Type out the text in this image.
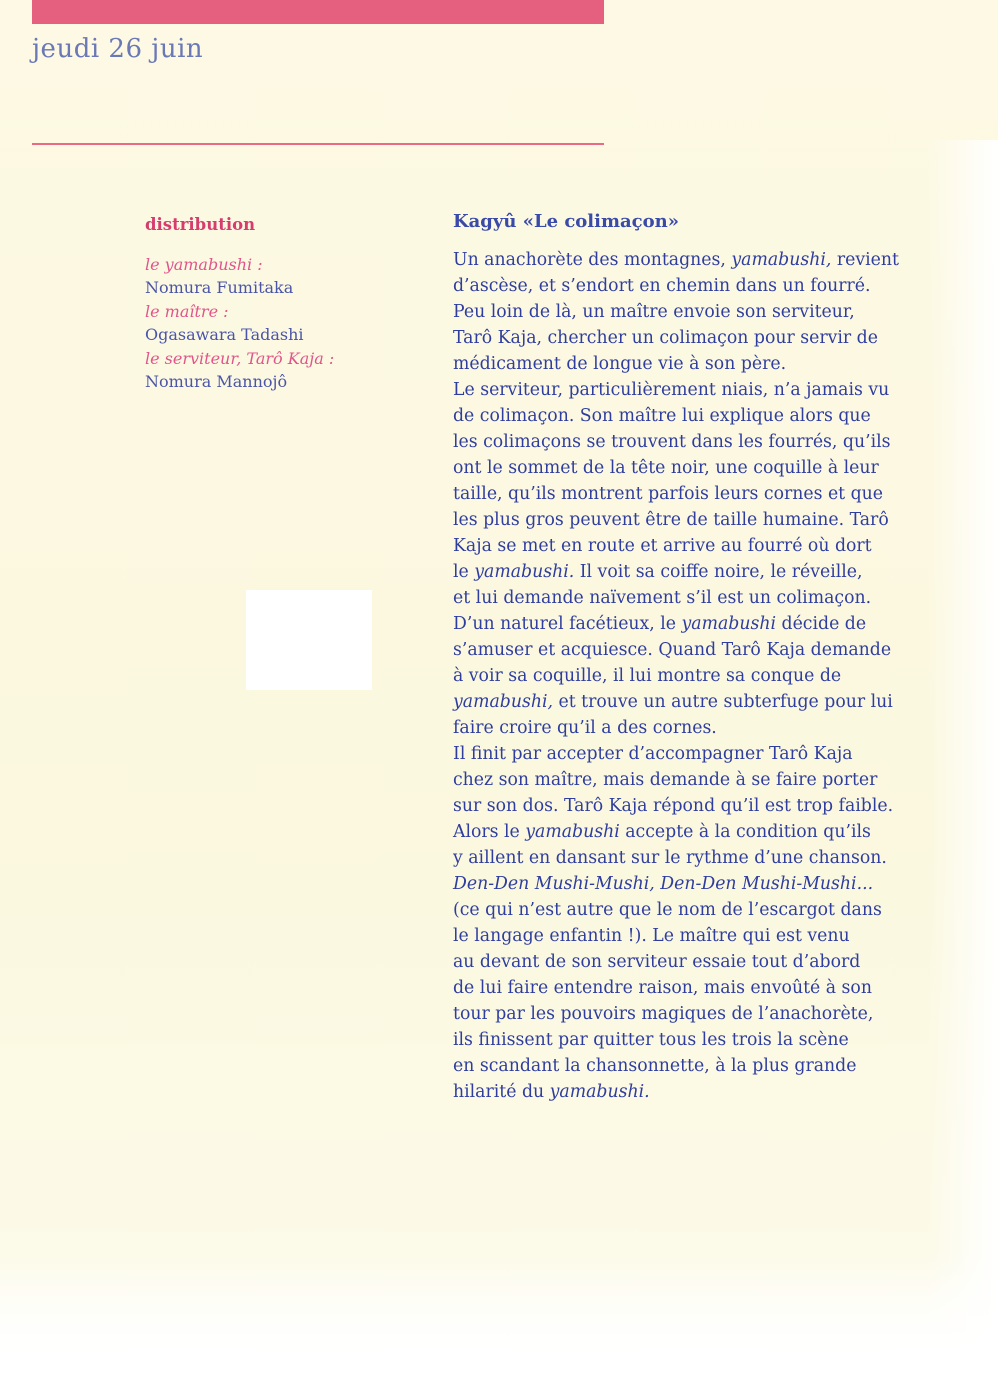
jeudi 26 juin
distribution
le yamabushi :
Nomura Fumitaka
le maître :
Ogasawara Tadashi
le serviteur, Tarô Kaja :
Nomura Mannojô
Kagyû «Le colimaçon»

Un anachorète des montagnes, yamabushi, revient

d’ascèse, et s’endort en chemin dans un fourré.

Peu loin de là, un maître envoie son serviteur,

Tarô Kaja, chercher un colimaçon pour servir de

médicament de longue vie à son père.

Le serviteur, particulièrement niais, n’a jamais vu

de colimaçon. Son maître lui explique alors que

les colimaçons se trouvent dans les fourrés, qu’ils

ont le sommet de la tête noir, une coquille à leur

taille, qu’ils montrent parfois leurs cornes et que

les plus gros peuvent être de taille humaine. Tarô

Kaja se met en route et arrive au fourré où dort

le yamabushi. Il voit sa coiffe noire, le réveille,

et lui demande naïvement s’il est un colimaçon.

D’un naturel facétieux, le yamabushi décide de

s’amuser et acquiesce. Quand Tarô Kaja demande

à voir sa coquille, il lui montre sa conque de

yamabushi, et trouve un autre subterfuge pour lui

faire croire qu’il a des cornes.

Il finit par accepter d’accompagner Tarô Kaja

chez son maître, mais demande à se faire porter

sur son dos. Tarô Kaja répond qu’il est trop faible.

Alors le yamabushi accepte à la condition qu’ils

y aillent en dansant sur le rythme d’une chanson.

Den-Den Mushi-Mushi, Den-Den Mushi-Mushi...

(ce qui n’est autre que le nom de l’escargot dans

le langage enfantin !). Le maître qui est venu

au devant de son serviteur essaie tout d’abord

de lui faire entendre raison, mais envoûté à son

tour par les pouvoirs magiques de l’anachorète,

ils finissent par quitter tous les trois la scène

en scandant la chansonnette, à la plus grande

hilarité du yamabushi.
